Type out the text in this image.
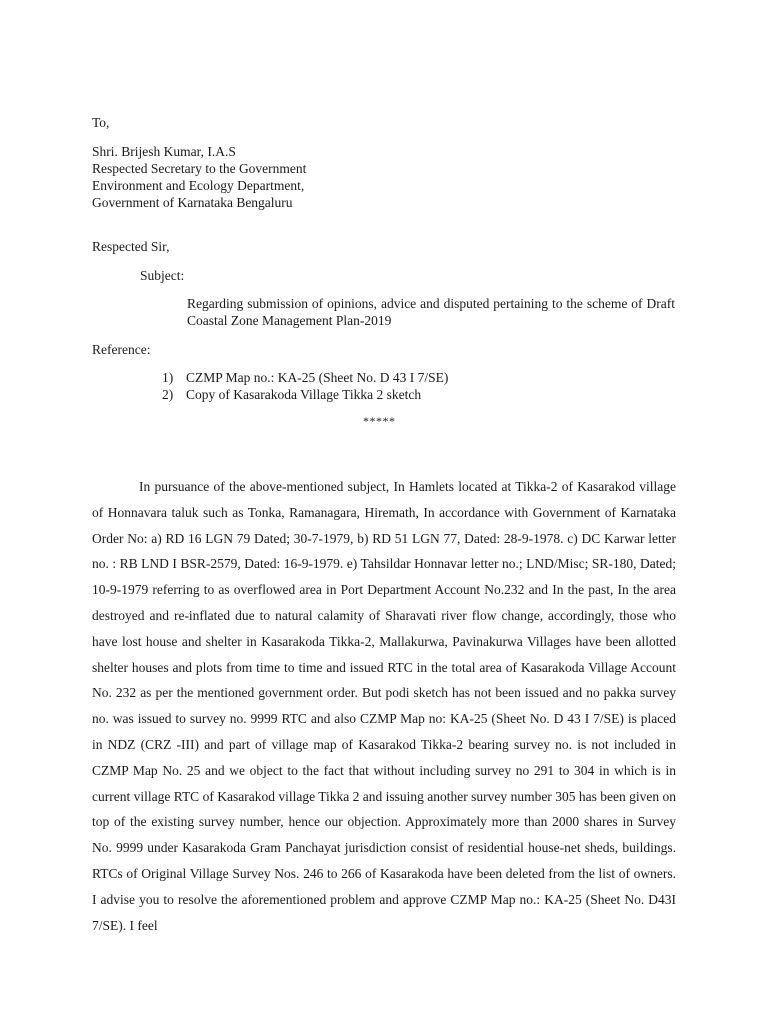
To,
Shri. Brijesh Kumar, I.A.S
Respected Secretary to the Government
Environment and Ecology Department,
Government of Karnataka Bengaluru
Respected Sir,
Subject:
Regarding submission of opinions, advice and disputed pertaining to the scheme of Draft Coastal Zone Management Plan-2019
Reference:
1) CZMP Map no.: KA-25 (Sheet No. D 43 I 7/SE)
2) Copy of Kasarakoda Village Tikka 2 sketch
*****
In pursuance of the above-mentioned subject, In Hamlets located at Tikka-2 of Kasarakod village of Honnavara taluk such as Tonka, Ramanagara, Hiremath, In accordance with Government of Karnataka Order No: a) RD 16 LGN 79 Dated; 30-7-1979, b) RD 51 LGN 77, Dated: 28-9-1978. c) DC Karwar letter no. : RB LND I BSR-2579, Dated: 16-9-1979. e) Tahsildar Honnavar letter no.; LND/Misc; SR-180, Dated; 10-9-1979 referring to as overflowed area in Port Department Account No.232 and In the past, In the area destroyed and re-inflated due to natural calamity of Sharavati river flow change, accordingly, those who have lost house and shelter in Kasarakoda Tikka-2, Mallakurwa, Pavinakurwa Villages have been allotted shelter houses and plots from time to time and issued RTC in the total area of Kasarakoda Village Account No. 232 as per the mentioned government order. But podi sketch has not been issued and no pakka survey no. was issued to survey no. 9999 RTC and also CZMP Map no: KA-25 (Sheet No. D 43 I 7/SE) is placed in NDZ (CRZ -III) and part of village map of Kasarakod Tikka-2 bearing survey no. is not included in CZMP Map No. 25 and we object to the fact that without including survey no 291 to 304 in which is in current village RTC of Kasarakod village Tikka 2 and issuing another survey number 305 has been given on top of the existing survey number, hence our objection. Approximately more than 2000 shares in Survey No. 9999 under Kasarakoda Gram Panchayat jurisdiction consist of residential house-net sheds, buildings. RTCs of Original Village Survey Nos. 246 to 266 of Kasarakoda have been deleted from the list of owners. I advise you to resolve the aforementioned problem and approve CZMP Map no.: KA-25 (Sheet No. D43I 7/SE). I feel
